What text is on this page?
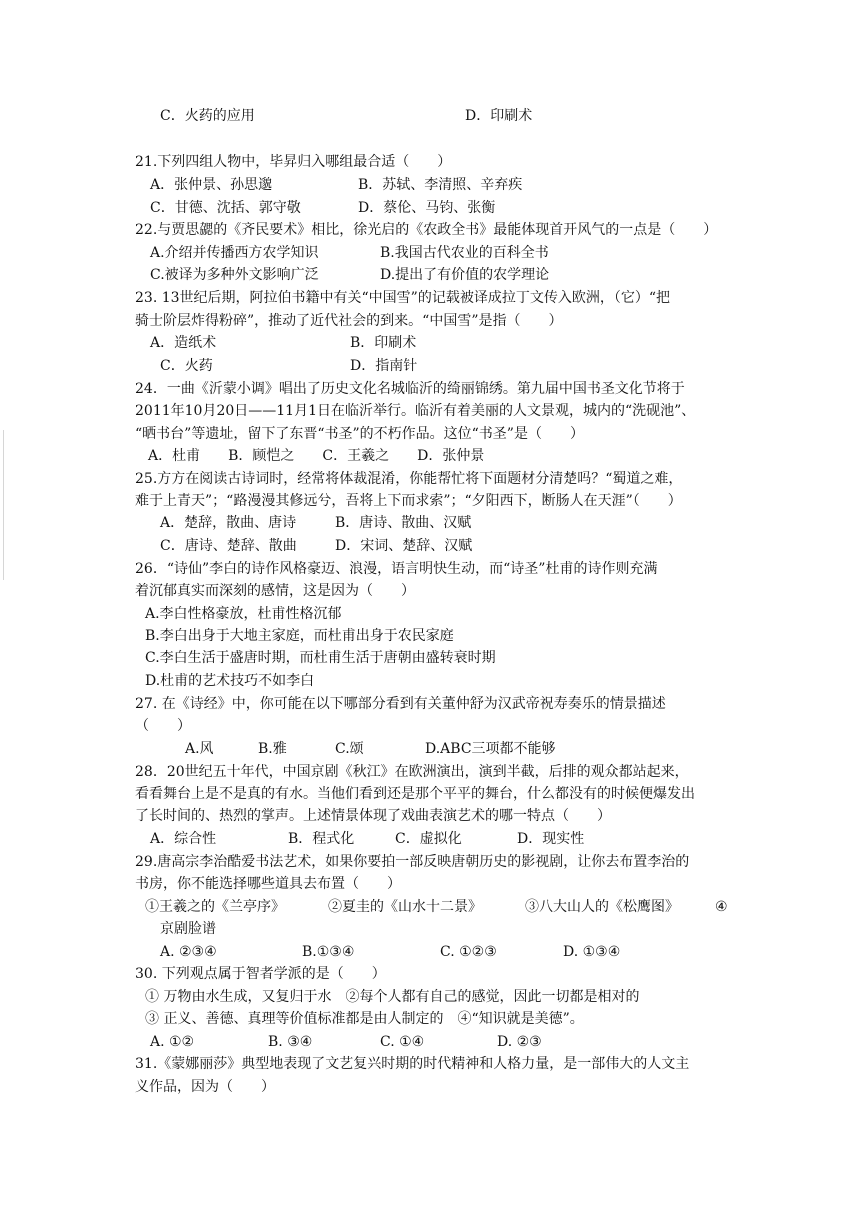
C．火药的应用	D．印刷术
21.下列四组人物中，毕昇归入哪组最合适（　　）
A．张仲景、孙思邈	B．苏轼、李清照、辛弃疾
C．甘德、沈括、郭守敬	D．蔡伦、马钧、张衡
22.与贾思勰的《齐民要术》相比，徐光启的《农政全书》最能体现首开风气的一点是（　　）
A.介绍并传播西方农学知识	B.我国古代农业的百科全书
C.被译为多种外文影响广泛	D.提出了有价值的农学理论
23. 13世纪后期，阿拉伯书籍中有关“中国雪”的记载被译成拉丁文传入欧洲，（它）“把
骑士阶层炸得粉碎”，推动了近代社会的到来。“中国雪”是指（　　）
A．造纸术	B．印刷术
C．火药	D．指南针
24．一曲《沂蒙小调》唱出了历史文化名城临沂的绮丽锦绣。第九届中国书圣文化节将于
2011年10月20日——11月1日在临沂举行。临沂有着美丽的人文景观，城内的“洗砚池”、
“晒书台”等遗址，留下了东晋“书圣”的不朽作品。这位“书圣”是（　　）
A．杜甫　　B．顾恺之　　C．王羲之　　D．张仲景
25.方方在阅读古诗词时，经常将体裁混淆，你能帮忙将下面题材分清楚吗？“蜀道之难，
难于上青天”；“路漫漫其修远兮，吾将上下而求索”；“夕阳西下，断肠人在天涯”（　　）
A．楚辞，散曲、唐诗	B．唐诗、散曲、汉赋
C．唐诗、楚辞、散曲	D．宋词、楚辞、汉赋
26．“诗仙”李白的诗作风格豪迈、浪漫，语言明快生动，而“诗圣”杜甫的诗作则充满
着沉郁真实而深刻的感情，这是因为（　　）
A.李白性格豪放，杜甫性格沉郁
B.李白出身于大地主家庭，而杜甫出身于农民家庭
C.李白生活于盛唐时期，而杜甫生活于唐朝由盛转衰时期
D.杜甫的艺术技巧不如李白
27. 在《诗经》中，你可能在以下哪部分看到有关董仲舒为汉武帝祝寿奏乐的情景描述
（　　）
A.风	B.雅	C.颂	D.ABC三项都不能够
28．20世纪五十年代，中国京剧《秋江》在欧洲演出，演到半截，后排的观众都站起来，
看看舞台上是不是真的有水。当他们看到还是那个平平的舞台，什么都没有的时候便爆发出
了长时间的、热烈的掌声。上述情景体现了戏曲表演艺术的哪一特点（　　）
A．综合性	B．程式化	C．虚拟化	D．现实性
29.唐高宗李治酷爱书法艺术，如果你要拍一部反映唐朝历史的影视剧，让你去布置李治的
书房，你不能选择哪些道具去布置（　　）
①王羲之的《兰亭序》	②夏圭的《山水十二景》	③八大山人的《松鹰图》	④
京剧脸谱
A. ②③④	B.①③④	C. ①②③	D. ①③④
30. 下列观点属于智者学派的是（　　）
① 万物由水生成，又复归于水　②每个人都有自己的感觉，因此一切都是相对的
③ 正义、善德、真理等价值标准都是由人制定的　④“知识就是美德”。
A. ①②	B. ③④	C. ①④	D. ②③
31.《蒙娜丽莎》典型地表现了文艺复兴时期的时代精神和人格力量，是一部伟大的人文主
义作品，因为（　　）
